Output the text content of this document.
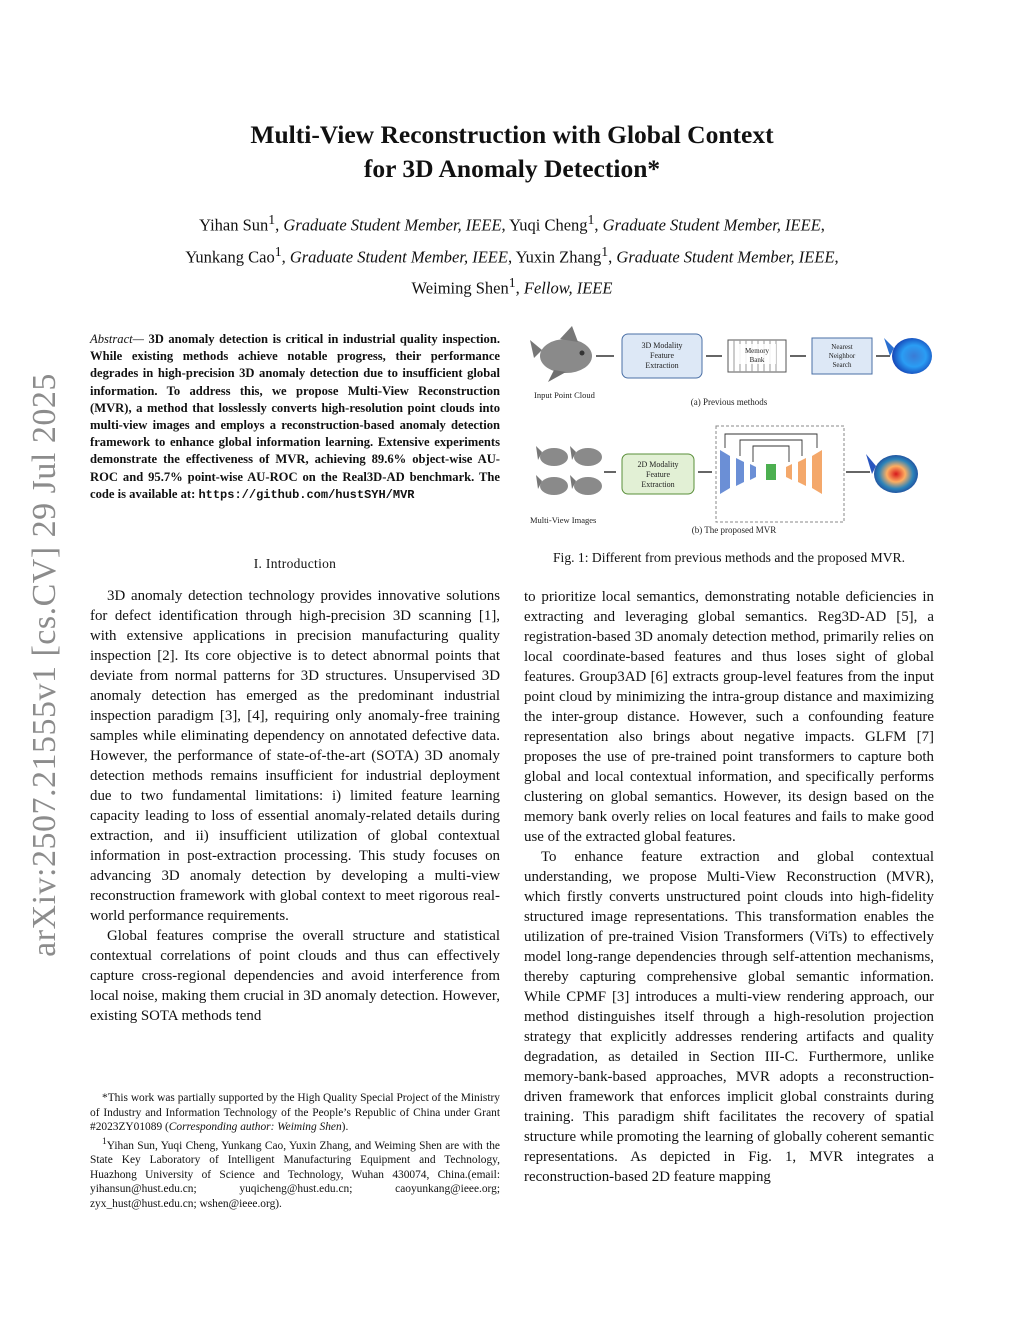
arXiv:2507.21555v1 [cs.CV] 29 Jul 2025
Multi-View Reconstruction with Global Context
for 3D Anomaly Detection*
Yihan Sun$^1$, Graduate Student Member, IEEE, Yuqi Cheng$^1$, Graduate Student Member, IEEE,
Yunkang Cao$^1$, Graduate Student Member, IEEE, Yuxin Zhang$^1$, Graduate Student Member, IEEE,
Weiming Shen$^1$, Fellow, IEEE
Abstract— 3D anomaly detection is critical in industrial quality inspection. While existing methods achieve notable progress, their performance degrades in high-precision 3D anomaly detection due to insufficient global information. To address this, we propose Multi-View Reconstruction (MVR), a method that losslessly converts high-resolution point clouds into multi-view images and employs a reconstruction-based anomaly detection framework to enhance global information learning. Extensive experiments demonstrate the effectiveness of MVR, achieving 89.6% object-wise AU-ROC and 95.7% point-wise AU-ROC on the Real3D-AD benchmark. The code is available at: https://github.com/hustSYH/MVR
I. Introduction

3D anomaly detection technology provides innovative solutions for defect identification through high-precision 3D scanning [1], with extensive applications in precision manufacturing quality inspection [2]. Its core objective is to detect abnormal points that deviate from normal patterns for 3D structures. Unsupervised 3D anomaly detection has emerged as the predominant industrial inspection paradigm [3], [4], requiring only anomaly-free training samples while eliminating dependency on annotated defective data. However, the performance of state-of-the-art (SOTA) 3D anomaly detection methods remains insufficient for industrial deployment due to two fundamental limitations: i) limited feature learning capacity leading to loss of essential anomaly-related details during extraction, and ii) insufficient utilization of global contextual information in post-extraction processing. This study focuses on advancing 3D anomaly detection by developing a multi-view reconstruction framework with global context to meet rigorous real-world performance requirements.

Global features comprise the overall structure and statistical contextual correlations of point clouds and thus can effectively capture cross-regional dependencies and avoid interference from local noise, making them crucial in 3D anomaly detection. However, existing SOTA methods tend

*This work was partially supported by the High Quality Special Project of the Ministry of Industry and Information Technology of the People’s Republic of China under Grant #2023ZY01089 (Corresponding author: Weiming Shen).

$^1$Yihan Sun, Yuqi Cheng, Yunkang Cao, Yuxin Zhang, and Weiming Shen are with the State Key Laboratory of Intelligent Manufacturing Equipment and Technology, Huazhong University of Science and Technology, Wuhan 430074, China.(email: yihansun@hust.edu.cn; yuqicheng@hust.edu.cn; caoyunkang@ieee.org; zyx_hust@hust.edu.cn; wshen@ieee.org).

Input Point Cloud
3D Modality
Feature
Extraction
Memory
Bank
Nearest
Neighbor
Search
(a) Previous methods
Multi-View Images
2D Modality
Feature
Extraction
(b) The proposed MVR
Fig. 1: Different from previous methods and the proposed MVR.

to prioritize local semantics, demonstrating notable deficiencies in extracting and leveraging global semantics. Reg3D-AD [5], a registration-based 3D anomaly detection method, primarily relies on local coordinate-based features and thus loses sight of global features. Group3AD [6] extracts group-level features from the input point cloud by minimizing the intra-group distance and maximizing the inter-group distance. However, such a confounding feature representation also brings about negative impacts. GLFM [7] proposes the use of pre-trained point transformers to capture both global and local contextual information, and specifically performs clustering on global semantics. However, its design based on the memory bank overly relies on local features and fails to make good use of the extracted global features.

To enhance feature extraction and global contextual understanding, we propose Multi-View Reconstruction (MVR), which firstly converts unstructured point clouds into high-fidelity structured image representations. This transformation enables the utilization of pre-trained Vision Transformers (ViTs) to effectively model long-range dependencies through self-attention mechanisms, thereby capturing comprehensive global semantic information. While CPMF [3] introduces a multi-view rendering approach, our method distinguishes itself through a high-resolution projection strategy that explicitly addresses rendering artifacts and quality degradation, as detailed in Section III-C. Furthermore, unlike memory-bank-based approaches, MVR adopts a reconstruction-driven framework that enforces implicit global constraints during training. This paradigm shift facilitates the recovery of spatial structure while promoting the learning of globally coherent semantic representations. As depicted in Fig. 1, MVR integrates a reconstruction-based 2D feature mapping
